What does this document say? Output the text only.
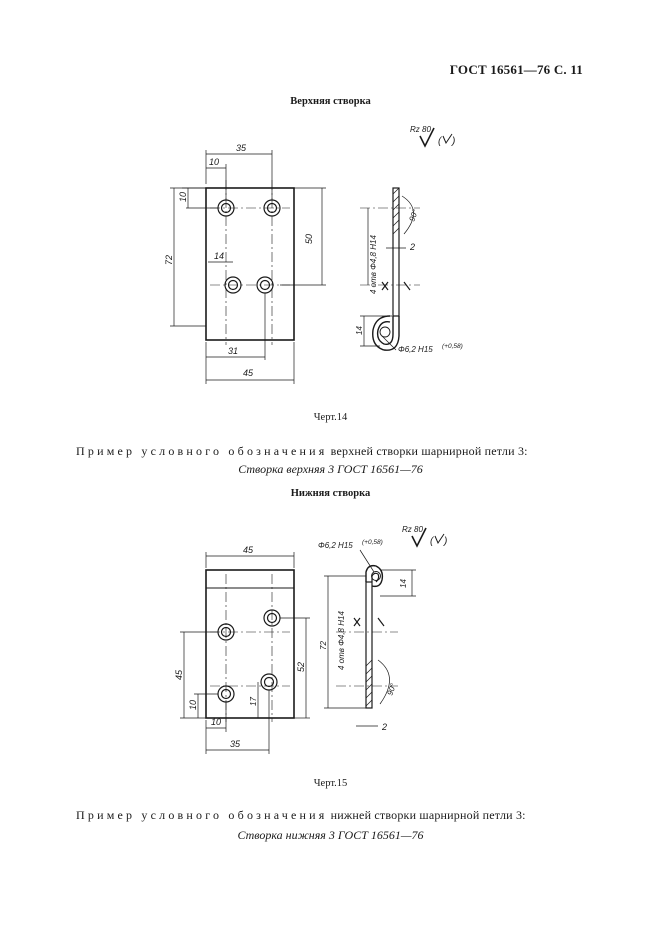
ГОСТ 16561—76 С. 11
Верхняя створка
35
10
10
72
50
14
31
45
90°
4 отв Φ4,8 Н14	2
14
Φ6,2 Н15 (+0,58)
Rz 80
( )
Черт.14
Пример условного обозначения верхней створки шарнирной петли 3:
Створка верхняя 3 ГОСТ 16561—76
Нижняя створка
45
45
10
52
17
10
35
90°
72 4 отв Φ4,8 Н14
14
2
Φ6,2 Н15 (+0,58)
Rz 80
( )
Черт.15
Пример условного обозначения нижней створки шарнирной петли 3:
Створка нижняя 3 ГОСТ 16561—76
